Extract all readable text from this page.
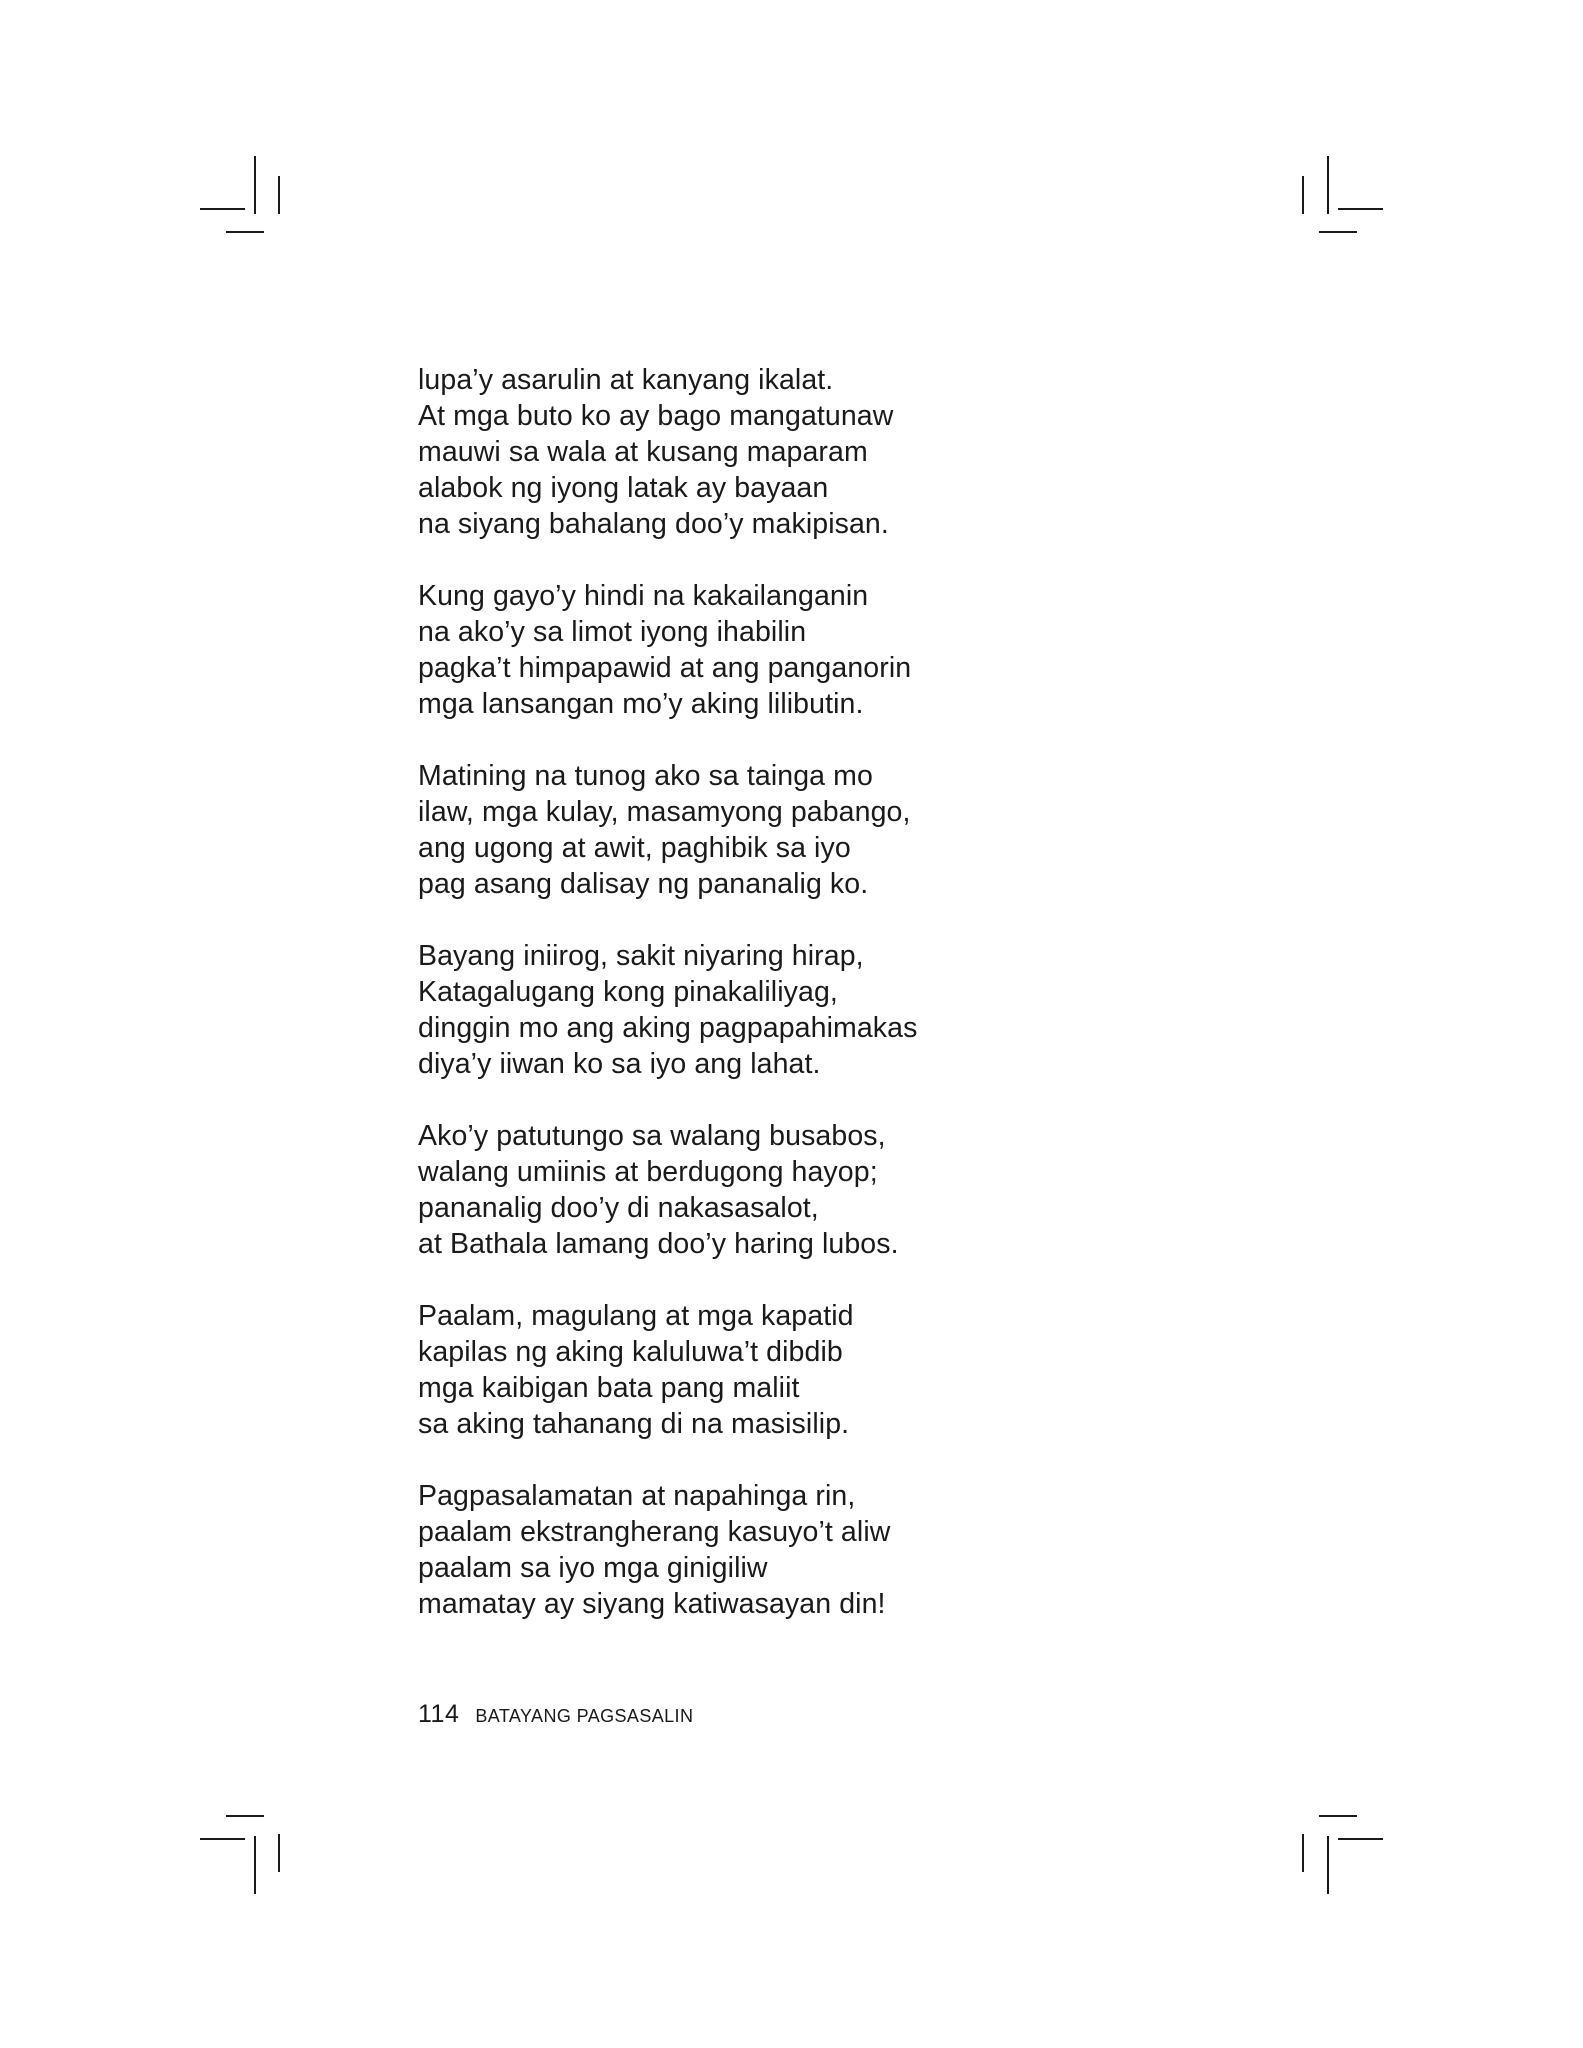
lupa’y asarulin at kanyang ikalat.
At mga buto ko ay bago mangatunaw
mauwi sa wala at kusang maparam
alabok ng iyong latak ay bayaan
na siyang bahalang doo’y makipisan.
Kung gayo’y hindi na kakailanganin
na ako’y sa limot iyong ihabilin
pagka’t himpapawid at ang panganorin
mga lansangan mo’y aking lilibutin.
Matining na tunog ako sa tainga mo
ilaw, mga kulay, masamyong pabango,
ang ugong at awit, paghibik sa iyo
pag asang dalisay ng pananalig ko.
Bayang iniirog, sakit niyaring hirap,
Katagalugang kong pinakaliliyag,
dinggin mo ang aking pagpapahimakas
diya’y iiwan ko sa iyo ang lahat.
Ako’y patutungo sa walang busabos,
walang umiinis at berdugong hayop;
pananalig doo’y di nakasasalot,
at Bathala lamang doo’y haring lubos.
Paalam, magulang at mga kapatid
kapilas ng aking kaluluwa’t dibdib
mga kaibigan bata pang maliit
sa aking tahanang di na masisilip.
Pagpasalamatan at napahinga rin,
paalam ekstrangherang kasuyo’t aliw
paalam sa iyo mga ginigiliw
mamatay ay siyang katiwasayan din!
114 BATAYANG PAGSASALIN
